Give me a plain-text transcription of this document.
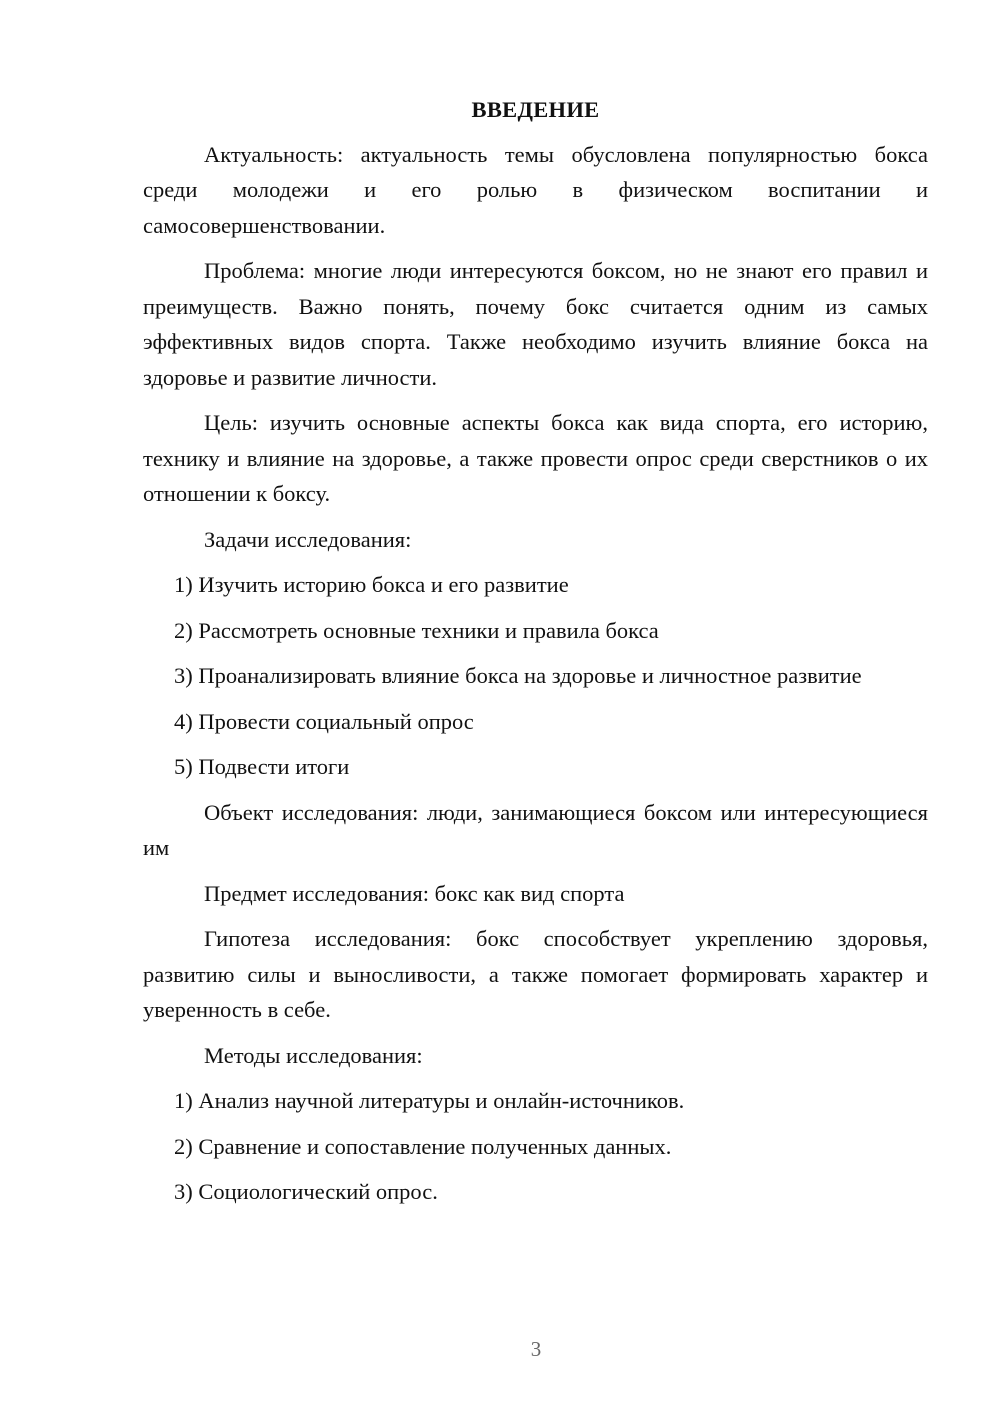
ВВЕДЕНИЕ

Актуальность: актуальность темы обусловлена популярностью бокса среди молодежи и его ролью в физическом воспитании и самосовершенствовании.

Проблема: многие люди интересуются боксом, но не знают его правил и преимуществ. Важно понять, почему бокс считается одним из самых эффективных видов спорта. Также необходимо изучить влияние бокса на здоровье и развитие личности.

Цель: изучить основные аспекты бокса как вида спорта, его историю, технику и влияние на здоровье, а также провести опрос среди сверстников о их отношении к боксу.

Задачи исследования:

1) Изучить историю бокса и его развитие

2) Рассмотреть основные техники и правила бокса

3) Проанализировать влияние бокса на здоровье и личностное развитие

4) Провести социальный опрос

5) Подвести итоги

Объект исследования: люди, занимающиеся боксом или интересующиеся им

Предмет исследования: бокс как вид спорта

Гипотеза исследования: бокс способствует укреплению здоровья, развитию силы и выносливости, а также помогает формировать характер и уверенность в себе.

Методы исследования:

1) Анализ научной литературы и онлайн-источников.

2) Сравнение и сопоставление полученных данных.

3) Социологический опрос.

3
